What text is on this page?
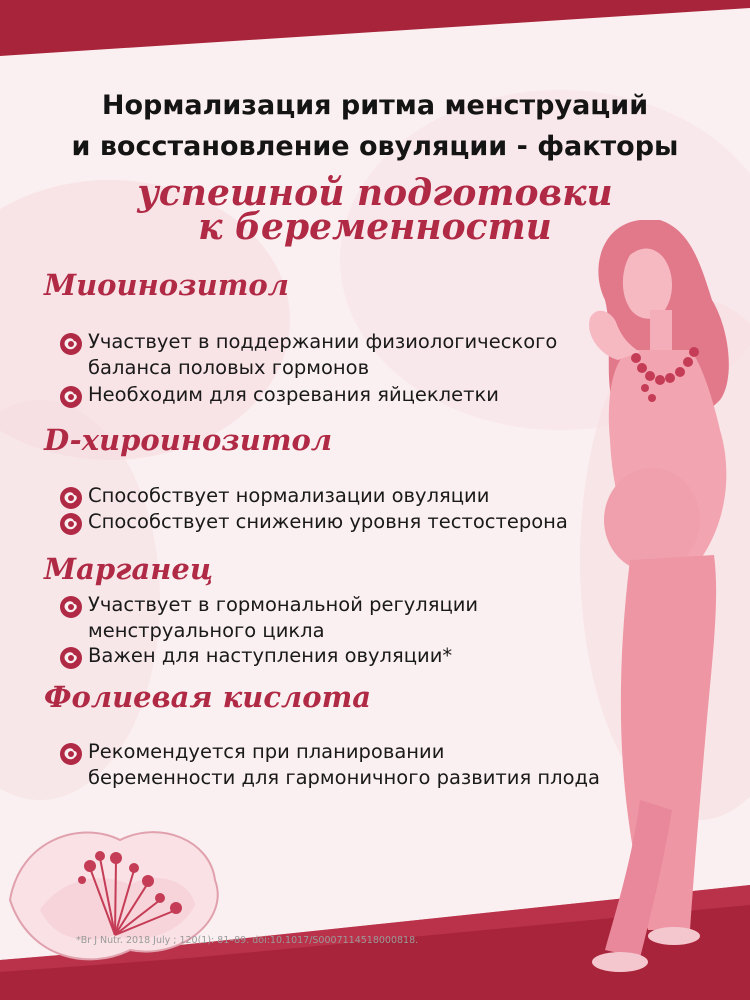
Нормализация ритма менструаций
и восстановление овуляции - факторы
успешной подготовки
к беременности
Миоинозитол
Участвует в поддержании физиологического
баланса половых гормонов
Необходим для созревания яйцеклетки
D-хироинозитол
Способствует нормализации овуляции
Способствует снижению уровня тестостерона
Марганец
Участвует в гормональной регуляции
менструального цикла
Важен для наступления овуляции*
Фолиевая кислота
Рекомендуется при планировании
беременности для гармоничного развития плода
*Br J Nutr. 2018 July ; 120(1): 81–89. doi:10.1017/S0007114518000818.
